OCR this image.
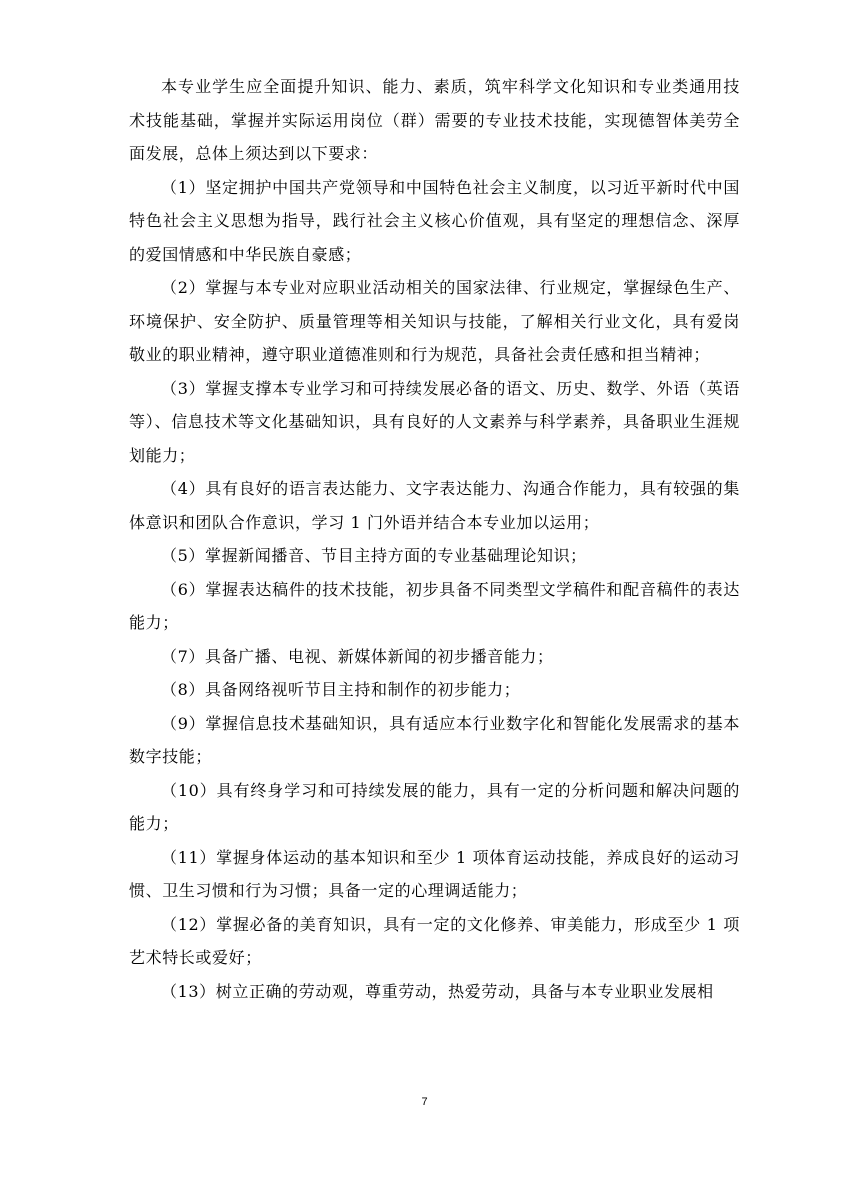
本专业学生应全面提升知识、能力、素质，筑牢科学文化知识和专业类通用技术技能基础，掌握并实际运用岗位（群）需要的专业技术技能，实现德智体美劳全面发展，总体上须达到以下要求：

（1）坚定拥护中国共产党领导和中国特色社会主义制度，以习近平新时代中国特色社会主义思想为指导，践行社会主义核心价值观，具有坚定的理想信念、深厚的爱国情感和中华民族自豪感；

（2）掌握与本专业对应职业活动相关的国家法律、行业规定，掌握绿色生产、环境保护、安全防护、质量管理等相关知识与技能，了解相关行业文化，具有爱岗敬业的职业精神，遵守职业道德准则和行为规范，具备社会责任感和担当精神；

（3）掌握支撑本专业学习和可持续发展必备的语文、历史、数学、外语（英语等）、信息技术等文化基础知识，具有良好的人文素养与科学素养，具备职业生涯规划能力；

（4）具有良好的语言表达能力、文字表达能力、沟通合作能力，具有较强的集体意识和团队合作意识，学习 1 门外语并结合本专业加以运用；

（5）掌握新闻播音、节目主持方面的专业基础理论知识；

（6）掌握表达稿件的技术技能，初步具备不同类型文学稿件和配音稿件的表达能力；

（7）具备广播、电视、新媒体新闻的初步播音能力；

（8）具备网络视听节目主持和制作的初步能力；

（9）掌握信息技术基础知识，具有适应本行业数字化和智能化发展需求的基本数字技能；

（10）具有终身学习和可持续发展的能力，具有一定的分析问题和解决问题的能力；

（11）掌握身体运动的基本知识和至少 1 项体育运动技能，养成良好的运动习惯、卫生习惯和行为习惯；具备一定的心理调适能力；

（12）掌握必备的美育知识，具有一定的文化修养、审美能力，形成至少 1 项艺术特长或爱好；

（13）树立正确的劳动观，尊重劳动，热爱劳动，具备与本专业职业发展相

7
